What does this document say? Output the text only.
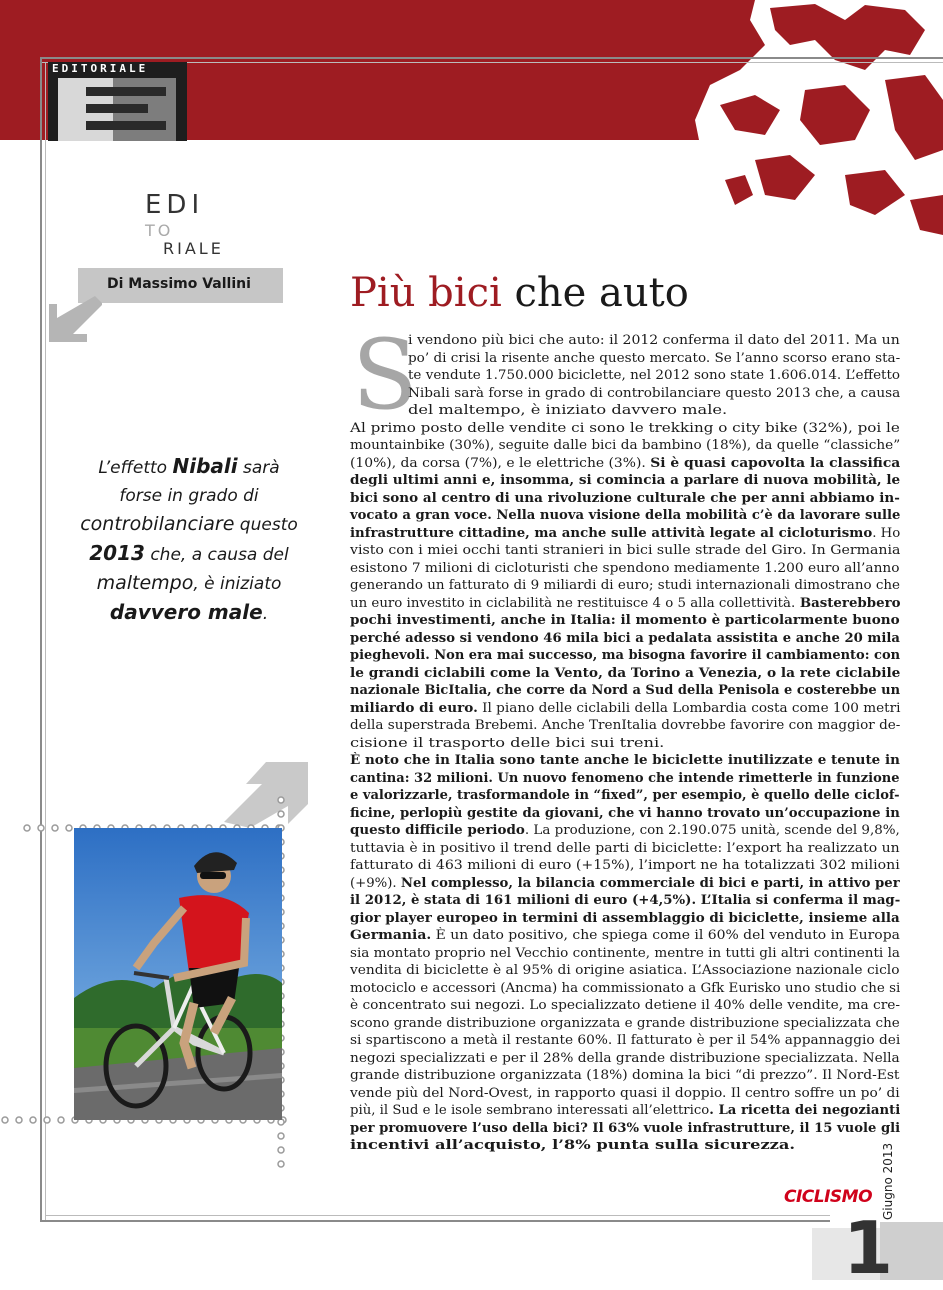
EDITORIALE
EDI
TO
RIALE
Di Massimo Vallini
L’effetto Nibali sarà forse in grado di controbilanciare questo 2013 che, a causa del maltempo, è iniziato davvero male.
Più bici che auto
S
i vendono più bici che auto: il 2012 conferma il dato del 2011. Ma un
po’ di crisi la risente anche questo mercato. Se l’anno scorso erano sta-
te vendute 1.750.000 biciclette, nel 2012 sono state 1.606.014. L’effetto
Nibali sarà forse in grado di controbilanciare questo 2013 che, a causa
del maltempo, è iniziato davvero male.
Al primo posto delle vendite ci sono le trekking o city bike (32%), poi le
mountainbike (30%), seguite dalle bici da bambino (18%), da quelle “classiche”
(10%), da corsa (7%), e le elettriche (3%). Si è quasi capovolta la classifica
degli ultimi anni e, insomma, si comincia a parlare di nuova mobilità, le
bici sono al centro di una rivoluzione culturale che per anni abbiamo in-
vocato a gran voce. Nella nuova visione della mobilità c’è da lavorare sulle
infrastrutture cittadine, ma anche sulle attività legate al cicloturismo. Ho
visto con i miei occhi tanti stranieri in bici sulle strade del Giro. In Germania
esistono 7 milioni di cicloturisti che spendono mediamente 1.200 euro all’anno
generando un fatturato di 9 miliardi di euro; studi internazionali dimostrano che
un euro investito in ciclabilità ne restituisce 4 o 5 alla collettività. Basterebbero
pochi investimenti, anche in Italia: il momento è particolarmente buono
perché adesso si vendono 46 mila bici a pedalata assistita e anche 20 mila
pieghevoli. Non era mai successo, ma bisogna favorire il cambiamento: con
le grandi ciclabili come la Vento, da Torino a Venezia, o la rete ciclabile
nazionale BicItalia, che corre da Nord a Sud della Penisola e costerebbe un
miliardo di euro. Il piano delle ciclabili della Lombardia costa come 100 metri
della superstrada Brebemi. Anche TrenItalia dovrebbe favorire con maggior de-
cisione il trasporto delle bici sui treni.
È noto che in Italia sono tante anche le biciclette inutilizzate e tenute in
cantina: 32 milioni. Un nuovo fenomeno che intende rimetterle in funzione
e valorizzarle, trasformandole in “fixed”, per esempio, è quello delle ciclof-
ficine, perlopiù gestite da giovani, che vi hanno trovato un’occupazione in
questo difficile periodo. La produzione, con 2.190.075 unità, scende del 9,8%,
tuttavia è in positivo il trend delle parti di biciclette: l’export ha realizzato un
fatturato di 463 milioni di euro (+15%), l’import ne ha totalizzati 302 milioni
(+9%). Nel complesso, la bilancia commerciale di bici e parti, in attivo per
il 2012, è stata di 161 milioni di euro (+4,5%). L’Italia si conferma il mag-
gior player europeo in termini di assemblaggio di biciclette, insieme alla
Germania. È un dato positivo, che spiega come il 60% del venduto in Europa
sia montato proprio nel Vecchio continente, mentre in tutti gli altri continenti la
vendita di biciclette è al 95% di origine asiatica. L’Associazione nazionale ciclo
motociclo e accessori (Ancma) ha commissionato a Gfk Eurisko uno studio che si
è concentrato sui negozi. Lo specializzato detiene il 40% delle vendite, ma cre-
scono grande distribuzione organizzata e grande distribuzione specializzata che
si spartiscono a metà il restante 60%. Il fatturato è per il 54% appannaggio dei
negozi specializzati e per il 28% della grande distribuzione specializzata. Nella
grande distribuzione organizzata (18%) domina la bici “di prezzo”. Il Nord-Est
vende più del Nord-Ovest, in rapporto quasi il doppio. Il centro soffre un po’ di
più, il Sud e le isole sembrano interessati all’elettrico. La ricetta dei negozianti
per promuovere l’uso della bici? Il 63% vuole infrastrutture, il 15 vuole gli
incentivi all’acquisto, l’8% punta sulla sicurezza.	Giugno 2013
CICLISMO
1
